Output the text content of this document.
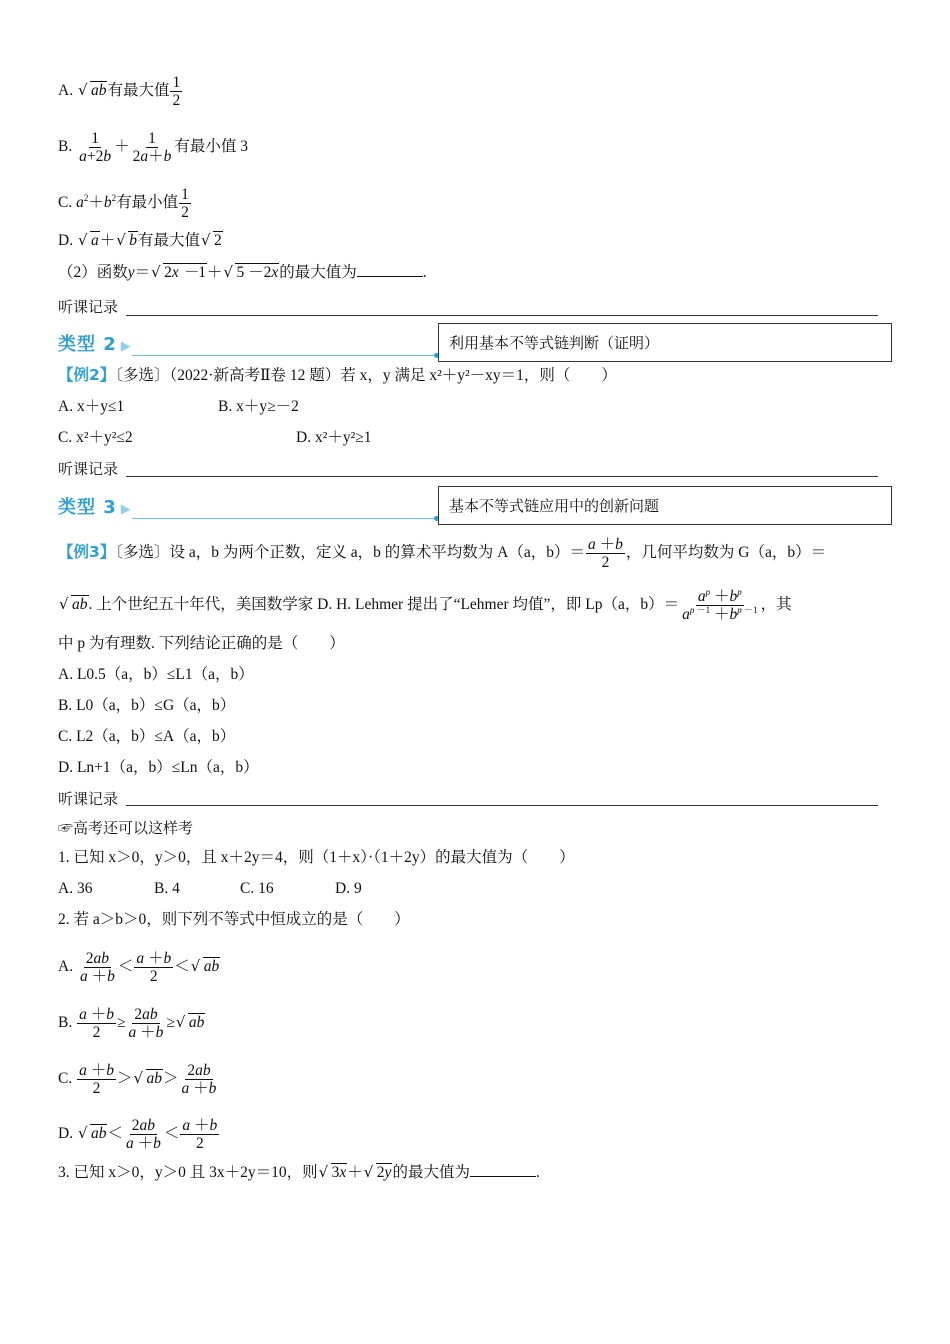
A. √ ab有最大值 $\frac{1}{2}$
B. $\frac{1}{a+2b} + \frac{1}{2a+b}$ 有最小值 3
C. $a^2+b^2$有最小值 $\frac{1}{2}$
D. √ a＋ √ b有最大值 √ 2
（2）函数y＝ √ 2x －1＋ √ 5 －2x的最大值为	.
听课记录
类型 2 ▶	利用基本不等式链判断（证明）
【例2】〔多选〕（2022·新高考Ⅱ卷 12 题）若 x，y 满足 x²＋y²－xy＝1，则（　　）
A. x＋y≤1	B. x＋y≥－2
C. x²＋y²≤2	D. x²＋y²≥1
听课记录
类型 3 ▶	基本不等式链应用中的创新问题
【例3】〔多选〕设 a，b 为两个正数，定义 a，b 的算术平均数为 A（a，$b)= \frac{a +b}{2}$ ，几何平均数为 G（a，b）＝
√ ab. 上个世纪五十年代，美国数学家 D. H. Lehmer 提出了“Lehmer 均值”，即 Lp（a，$b)= \frac{a^p +b^p}{a^{p -1} +b^{p -1}}$ ，其
中 p 为有理数. 下列结论正确的是（　　）
A. L0.5（a，b）≤L1（a，b）
B. L0（a，b）≤G（a，b）
C. L2（a，b）≤A（a，b）
D. Ln+1（a，b）≤Ln（a，b）
听课记录
☞高考还可以这样考
1. 已知 x＞0，y＞0，且 x＋2y＝4，则（1＋x）·（1＋2y）的最大值为（　　）
A. 36	B. 4	C. 16	D. 9
2. 若 a＞b＞0，则下列不等式中恒成立的是（　　）
A. $\frac{2ab}{a +b} < \frac{a +b}{2}$ ＜ √ ab
B. $\frac{a +b}{2} \ge \frac{2ab}{a +b}$ ≥ √ ab
C. $\frac{a +b}{2}$ ＞ √ $ab> \frac{2ab}{a +b}$
D. √ $ab< \frac{2ab}{a +b} < \frac{a +b}{2}$
3. 已知 x＞0，y＞0 且 3x＋2y＝10，则 √ 3x＋ √ 2y的最大值为	.
